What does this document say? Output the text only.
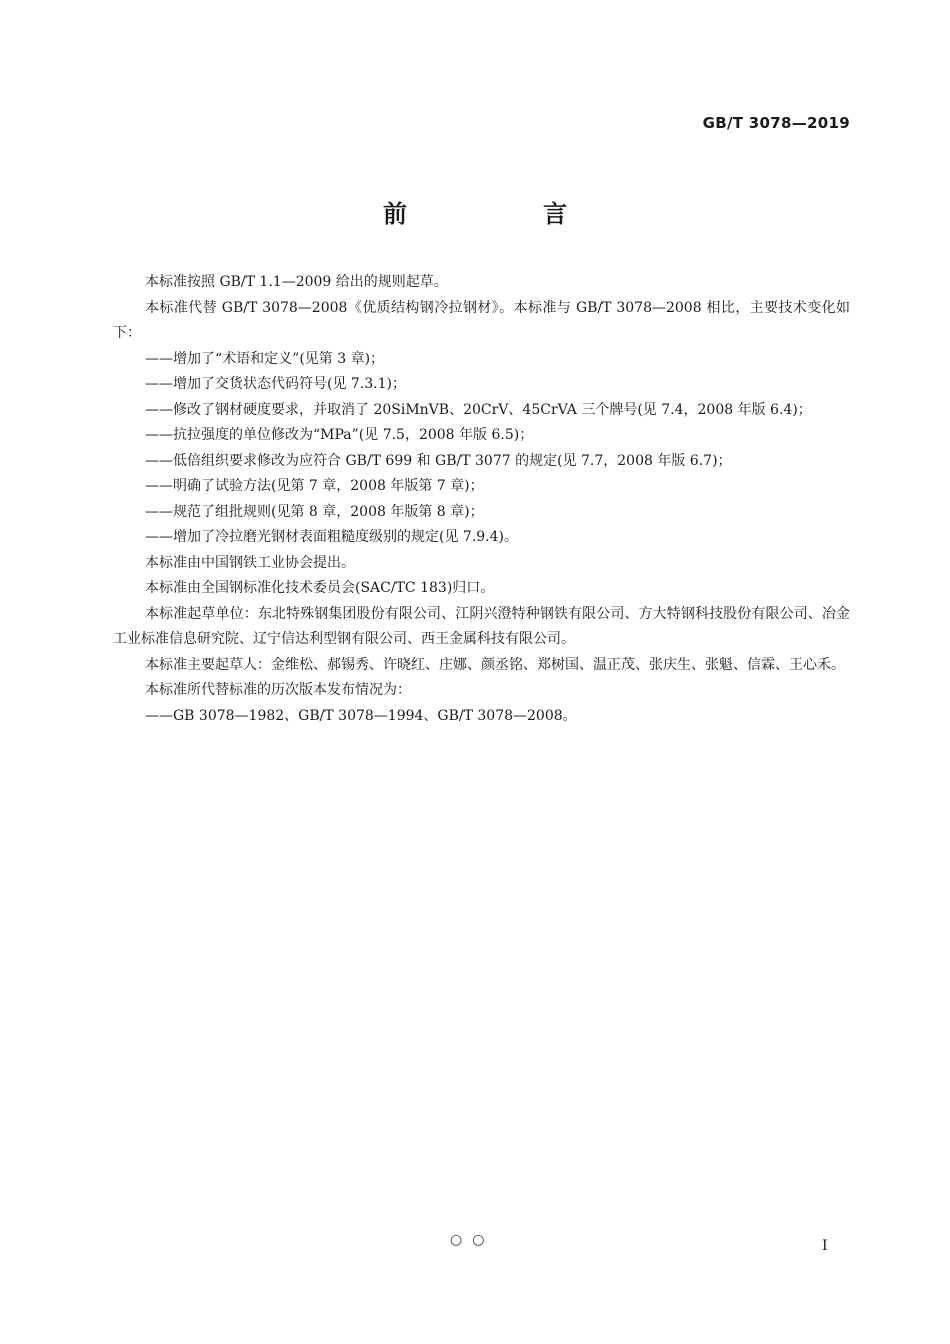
GB/T 3078—2019
前　言

本标准按照 GB/T 1.1—2009 给出的规则起草。

本标准代替 GB/T 3078—2008《优质结构钢冷拉钢材》。本标准与 GB/T 3078—2008 相比，主要技术变化如下：

——增加了“术语和定义”(见第 3 章)；

——增加了交货状态代码符号(见 7.3.1)；

——修改了钢材硬度要求，并取消了 20SiMnVB、20CrV、45CrVA 三个牌号(见 7.4，2008 年版 6.4)；

——抗拉强度的单位修改为“MPa”(见 7.5，2008 年版 6.5)；

——低倍组织要求修改为应符合 GB/T 699 和 GB/T 3077 的规定(见 7.7，2008 年版 6.7)；

——明确了试验方法(见第 7 章，2008 年版第 7 章)；

——规范了组批规则(见第 8 章，2008 年版第 8 章)；

——增加了冷拉磨光钢材表面粗糙度级别的规定(见 7.9.4)。

本标准由中国钢铁工业协会提出。

本标准由全国钢标准化技术委员会(SAC/TC 183)归口。

本标准起草单位：东北特殊钢集团股份有限公司、江阴兴澄特种钢铁有限公司、方大特钢科技股份有限公司、冶金工业标准信息研究院、辽宁信达利型钢有限公司、西王金属科技有限公司。

本标准主要起草人：金维松、郝锡秀、许晓红、庄娜、颜丞铭、郑树国、温正茂、张庆生、张魁、信霖、王心禾。

本标准所代替标准的历次版本发布情况为：

——GB 3078—1982、GB/T 3078—1994、GB/T 3078—2008。

○○	I
